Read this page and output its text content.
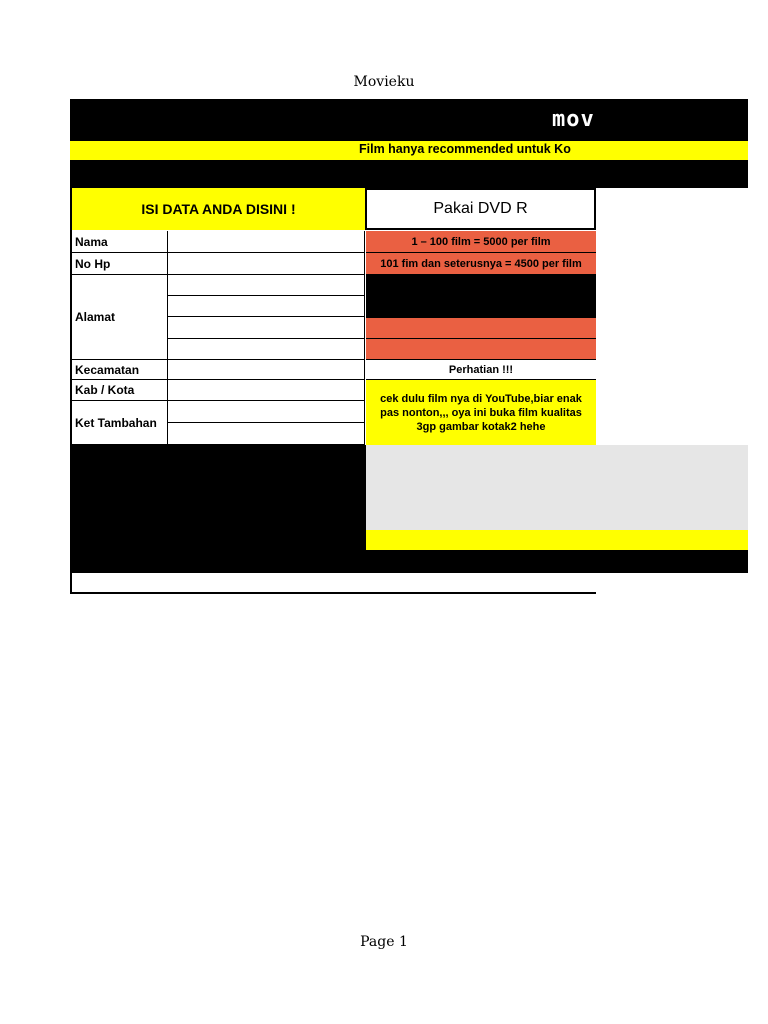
Movieku
mov
Film hanya recommended untuk Ko
ISI DATA ANDA DISINI !	Pakai DVD R
Nama
No Hp
Alamat
Kecamatan
Kab / Kota
Ket Tambahan
1 – 100 film = 5000 per film
101 fim dan seterusnya = 4500 per film
Perhatian !!!
cek dulu film nya di YouTube,biar enak pas nonton,,, oya ini buka film kualitas 3gp gambar kotak2 hehe
Page 1
